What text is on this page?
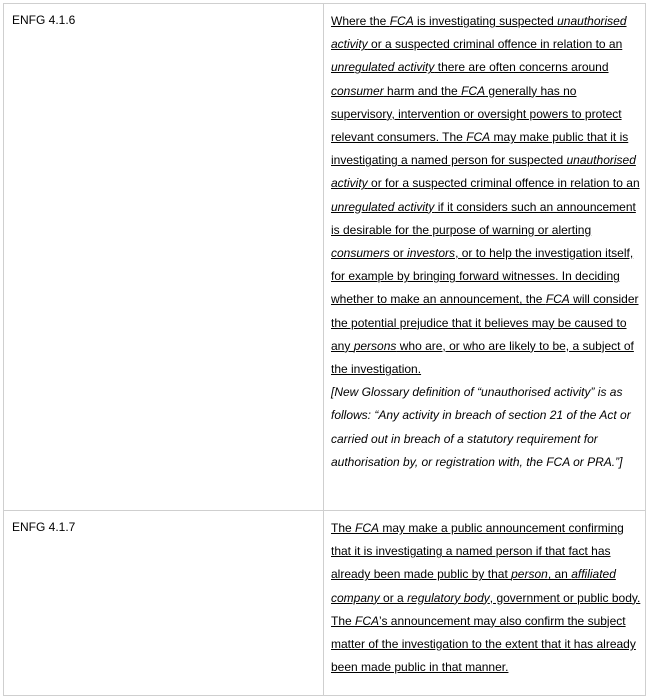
ENFG 4.1.6	Where the FCA is investigating suspected unauthorised activity or a suspected criminal offence in relation to an unregulated activity there are often concerns around consumer harm and the FCA generally has no supervisory, intervention or oversight powers to protect relevant consumers. The FCA may make public that it is investigating a named person for suspected unauthorised activity or for a suspected criminal offence in relation to an unregulated activity if it considers such an announcement is desirable for the purpose of warning or alerting consumers or investors, or to help the investigation itself, for example by bringing forward witnesses. In deciding whether to make an announcement, the FCA will consider the potential prejudice that it believes may be caused to any persons who are, or who are likely to be, a subject of the investigation.

[New Glossary definition of “unauthorised activity” is as follows: “Any activity in breach of section 21 of the Act or carried out in breach of a statutory requirement for authorisation by, or registration with, the FCA or PRA.”]

ENFG 4.1.7	The FCA may make a public announcement confirming that it is investigating a named person if that fact has already been made public by that person, an affiliated company or a regulatory body, government or public body. The FCA’s announcement may also confirm the subject matter of the investigation to the extent that it has already been made public in that manner.
